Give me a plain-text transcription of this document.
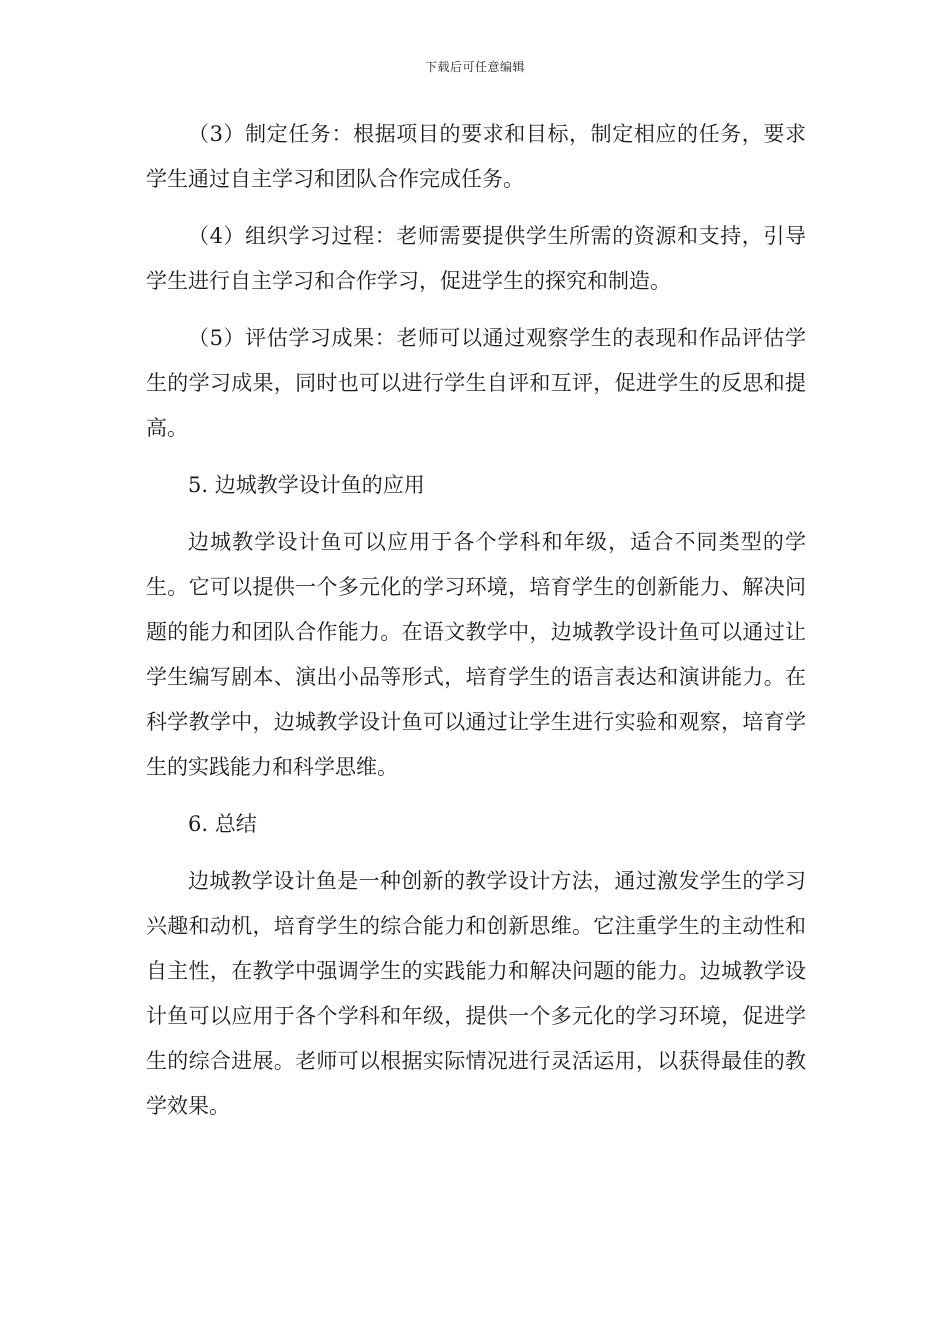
下载后可任意编辑

（3）制定任务：根据项目的要求和目标，制定相应的任务，要求学生通过自主学习和团队合作完成任务。

（4）组织学习过程：老师需要提供学生所需的资源和支持，引导学生进行自主学习和合作学习，促进学生的探究和制造。

（5）评估学习成果：老师可以通过观察学生的表现和作品评估学生的学习成果，同时也可以进行学生自评和互评，促进学生的反思和提高。

5. 边城教学设计鱼的应用

边城教学设计鱼可以应用于各个学科和年级，适合不同类型的学生。它可以提供一个多元化的学习环境，培育学生的创新能力、解决问题的能力和团队合作能力。在语文教学中，边城教学设计鱼可以通过让学生编写剧本、演出小品等形式，培育学生的语言表达和演讲能力。在科学教学中，边城教学设计鱼可以通过让学生进行实验和观察，培育学生的实践能力和科学思维。

6. 总结

边城教学设计鱼是一种创新的教学设计方法，通过激发学生的学习兴趣和动机，培育学生的综合能力和创新思维。它注重学生的主动性和自主性，在教学中强调学生的实践能力和解决问题的能力。边城教学设计鱼可以应用于各个学科和年级，提供一个多元化的学习环境，促进学生的综合进展。老师可以根据实际情况进行灵活运用，以获得最佳的教学效果。
